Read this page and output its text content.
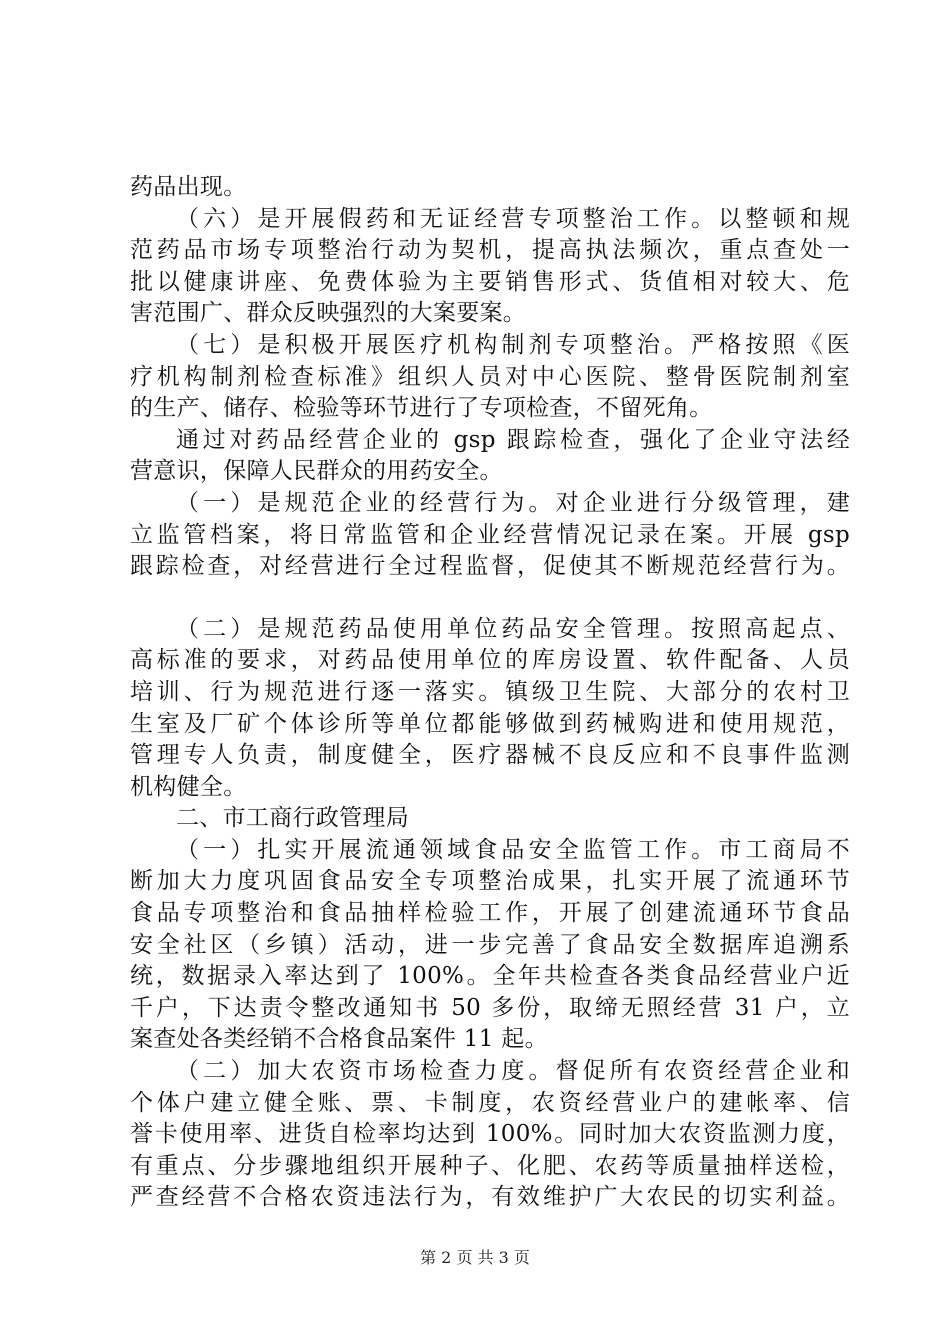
药品出现。
（六）是开展假药和无证经营专项整治工作。以整顿和规
范药品市场专项整治行动为契机，提高执法频次，重点查处一
批以健康讲座、免费体验为主要销售形式、货值相对较大、危
害范围广、群众反映强烈的大案要案。
（七）是积极开展医疗机构制剂专项整治。严格按照《医
疗机构制剂检查标准》组织人员对中心医院、整骨医院制剂室
的生产、储存、检验等环节进行了专项检查，不留死角。
通过对药品经营企业的 gsp 跟踪检查，强化了企业守法经
营意识，保障人民群众的用药安全。
（一）是规范企业的经营行为。对企业进行分级管理，建
立监管档案，将日常监管和企业经营情况记录在案。开展 gsp
跟踪检查，对经营进行全过程监督，促使其不断规范经营行为。
（二）是规范药品使用单位药品安全管理。按照高起点、
高标准的要求，对药品使用单位的库房设置、软件配备、人员
培训、行为规范进行逐一落实。镇级卫生院、大部分的农村卫
生室及厂矿个体诊所等单位都能够做到药械购进和使用规范，
管理专人负责，制度健全，医疗器械不良反应和不良事件监测
机构健全。
二、市工商行政管理局
（一）扎实开展流通领域食品安全监管工作。市工商局不
断加大力度巩固食品安全专项整治成果，扎实开展了流通环节
食品专项整治和食品抽样检验工作，开展了创建流通环节食品
安全社区（乡镇）活动，进一步完善了食品安全数据库追溯系
统，数据录入率达到了 100%。全年共检查各类食品经营业户近
千户，下达责令整改通知书 50 多份，取缔无照经营 31 户，立
案查处各类经销不合格食品案件 11 起。
（二）加大农资市场检查力度。督促所有农资经营企业和
个体户建立健全账、票、卡制度，农资经营业户的建帐率、信
誉卡使用率、进货自检率均达到 100%。同时加大农资监测力度，
有重点、分步骤地组织开展种子、化肥、农药等质量抽样送检，
严查经营不合格农资违法行为，有效维护广大农民的切实利益。
第 2 页 共 3 页
